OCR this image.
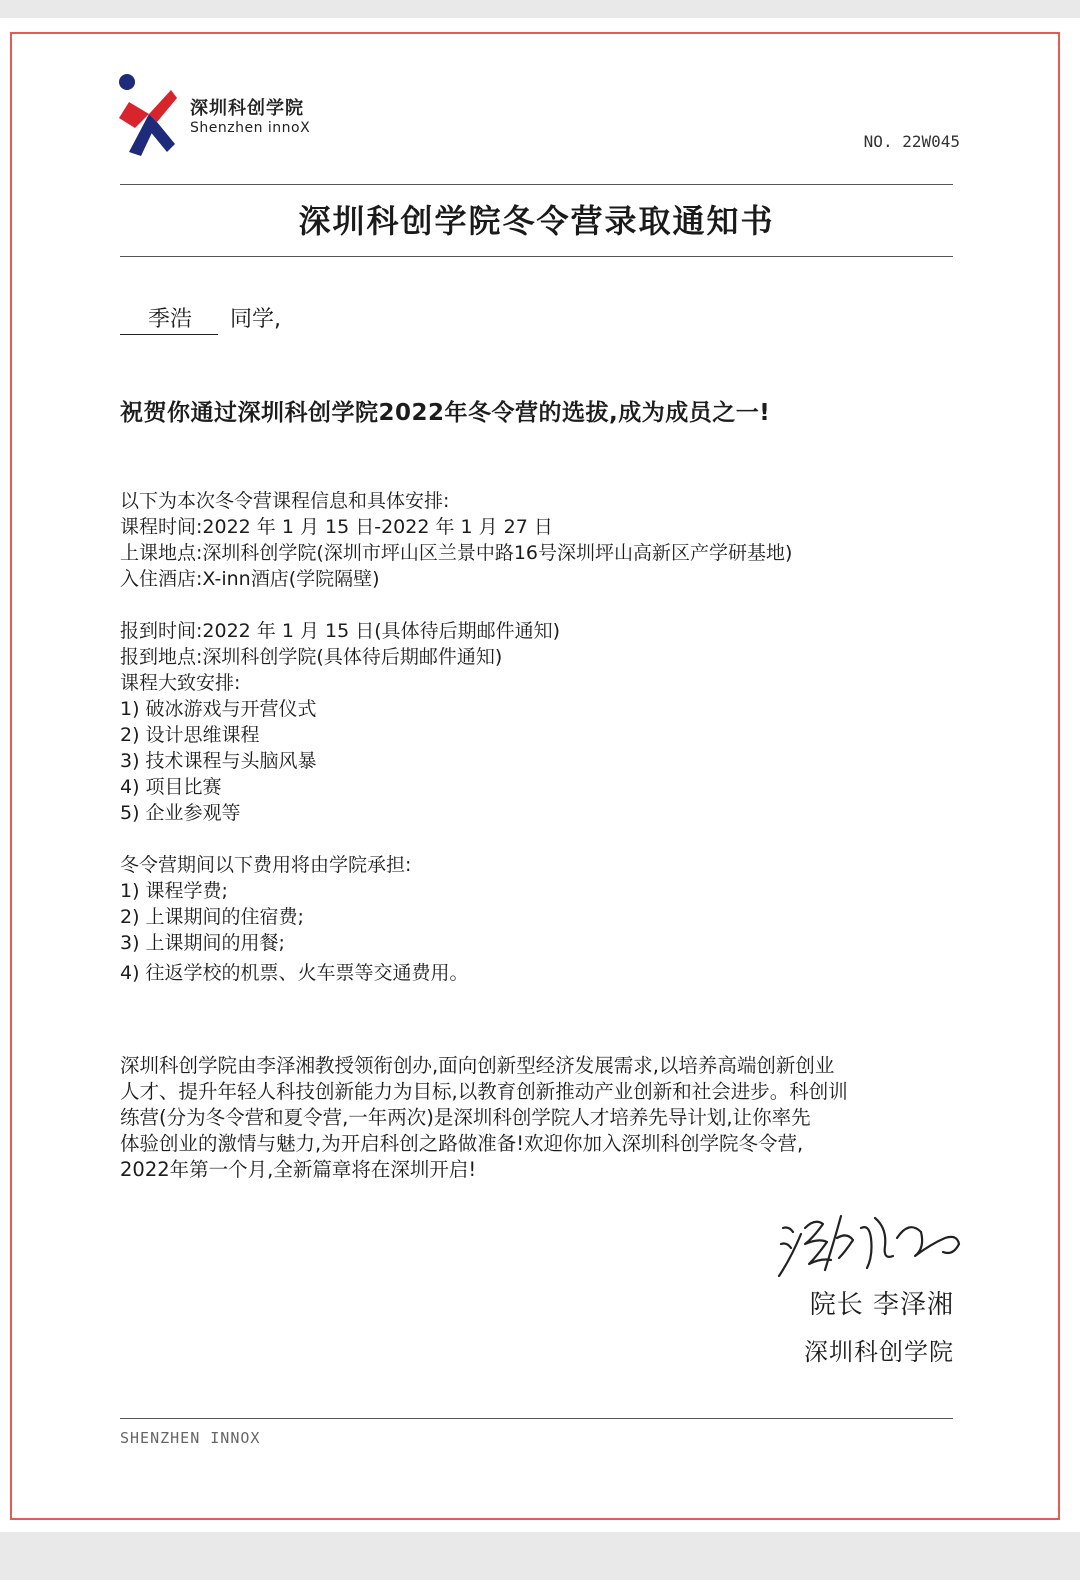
深圳科创学院
Shenzhen innoX
NO. 22W045
深圳科创学院冬令营录取通知书
季浩 同学,
祝贺你通过深圳科创学院2022年冬令营的选拔,成为成员之一!
以下为本次冬令营课程信息和具体安排:
课程时间:2022 年 1 月 15 日-2022 年 1 月 27 日
上课地点:深圳科创学院(深圳市坪山区兰景中路16号深圳坪山高新区产学研基地)
入住酒店:X-inn酒店(学院隔壁)
报到时间:2022 年 1 月 15 日(具体待后期邮件通知)
报到地点:深圳科创学院(具体待后期邮件通知)
课程大致安排:
1) 破冰游戏与开营仪式
2) 设计思维课程
3) 技术课程与头脑风暴
4) 项目比赛
5) 企业参观等
冬令营期间以下费用将由学院承担:
1) 课程学费;
2) 上课期间的住宿费;
3) 上课期间的用餐;
4) 往返学校的机票、火车票等交通费用。
深圳科创学院由李泽湘教授领衔创办,面向创新型经济发展需求,以培养高端创新创业
人才、提升年轻人科技创新能力为目标,以教育创新推动产业创新和社会进步。科创训
练营(分为冬令营和夏令营,一年两次)是深圳科创学院人才培养先导计划,让你率先
体验创业的激情与魅力,为开启科创之路做准备!欢迎你加入深圳科创学院冬令营,
2022年第一个月,全新篇章将在深圳开启!
院长 李泽湘
深圳科创学院
SHENZHEN INNOX
